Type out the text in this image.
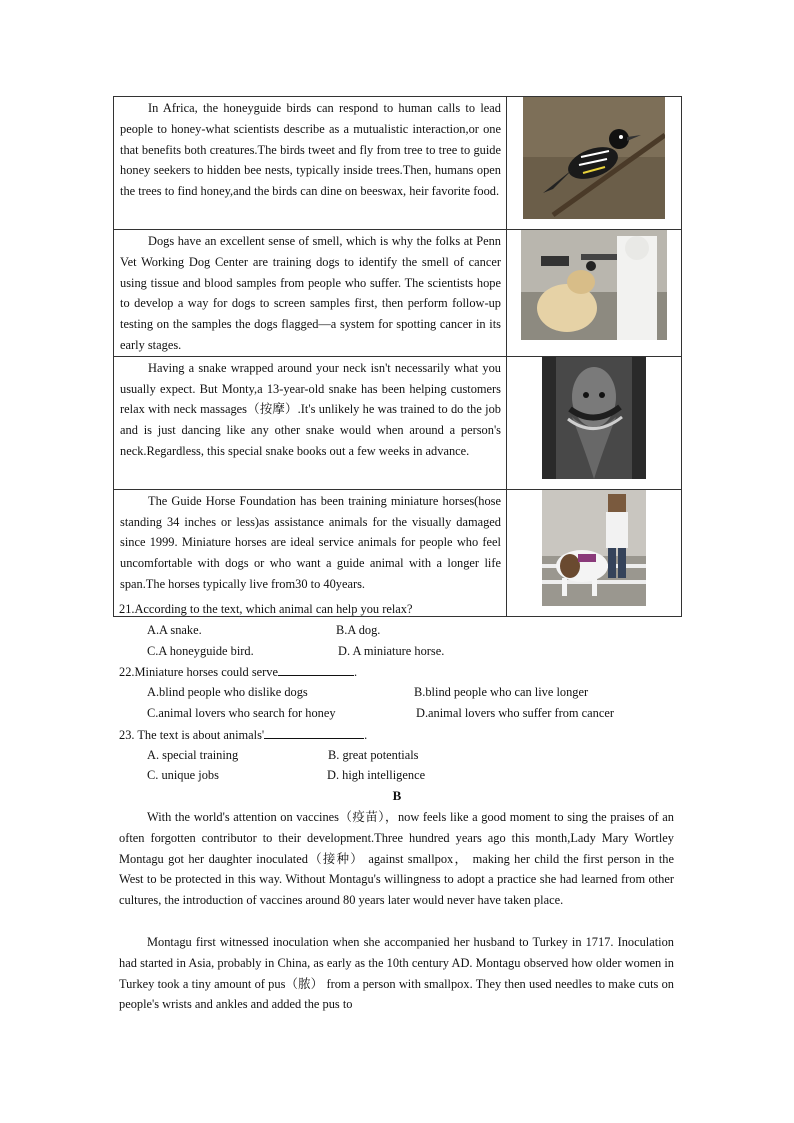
In Africa, the honeyguide birds can respond to human calls to lead people to honey-what scientists describe as a mutualistic interaction,or one that benefits both creatures.The birds tweet and fly from tree to tree to guide honey seekers to hidden bee nests, typically inside trees.Then, humans open the trees to find honey,and the birds can dine on beeswax, heir favorite food.

Dogs have an excellent sense of smell, which is why the folks at Penn Vet Working Dog Center are training dogs to identify the smell of cancer using tissue and blood samples from people who suffer. The scientists hope to develop a way for dogs to screen samples first, then perform follow-up testing on the samples the dogs flagged—a system for spotting cancer in its early stages.

Having a snake wrapped around your neck isn't necessarily what you usually expect. But Monty,a 13-year-old snake has been helping customers relax with neck massages（按摩）.It's unlikely he was trained to do the job and is just dancing like any other snake would when around a person's neck.Regardless, this special snake books out a few weeks in advance.

The Guide Horse Foundation has been training miniature horses(hose standing 34 inches or less)as assistance animals for the visually damaged since 1999. Miniature horses are ideal service animals for people who feel uncomfortable with dogs or who want a guide animal with a longer life span.The horses typically live from30 to 40years.

21.According to the text, which animal can help you relax?
A.A snake.	B.A dog.
C.A honeyguide bird.	D. A miniature horse.
22.Miniature horses could serve	.
A.blind people who dislike dogs	B.blind people who can live longer
C.animal lovers who search for honey	D.animal lovers who suffer from cancer
23. The text is about animals'	.
A. special training	B. great potentials
C. unique jobs	D. high intelligence
B
With the world's attention on vaccines（疫苗），now feels like a good moment to sing the praises of an often forgotten contributor to their development.Three hundred years ago this month,Lady Mary Wortley Montagu got her daughter inoculated（接种） against smallpox， making her child the first person in the West to be protected in this way. Without Montagu's willingness to adopt a practice she had learned from other cultures, the introduction of vaccines around 80 years later would never have taken place.
Montagu first witnessed inoculation when she accompanied her husband to Turkey in 1717. Inoculation had started in Asia, probably in China, as early as the 10th century AD. Montagu observed how older women in Turkey took a tiny amount of pus（脓） from a person with smallpox. They then used needles to make cuts on people's wrists and ankles and added the pus to
